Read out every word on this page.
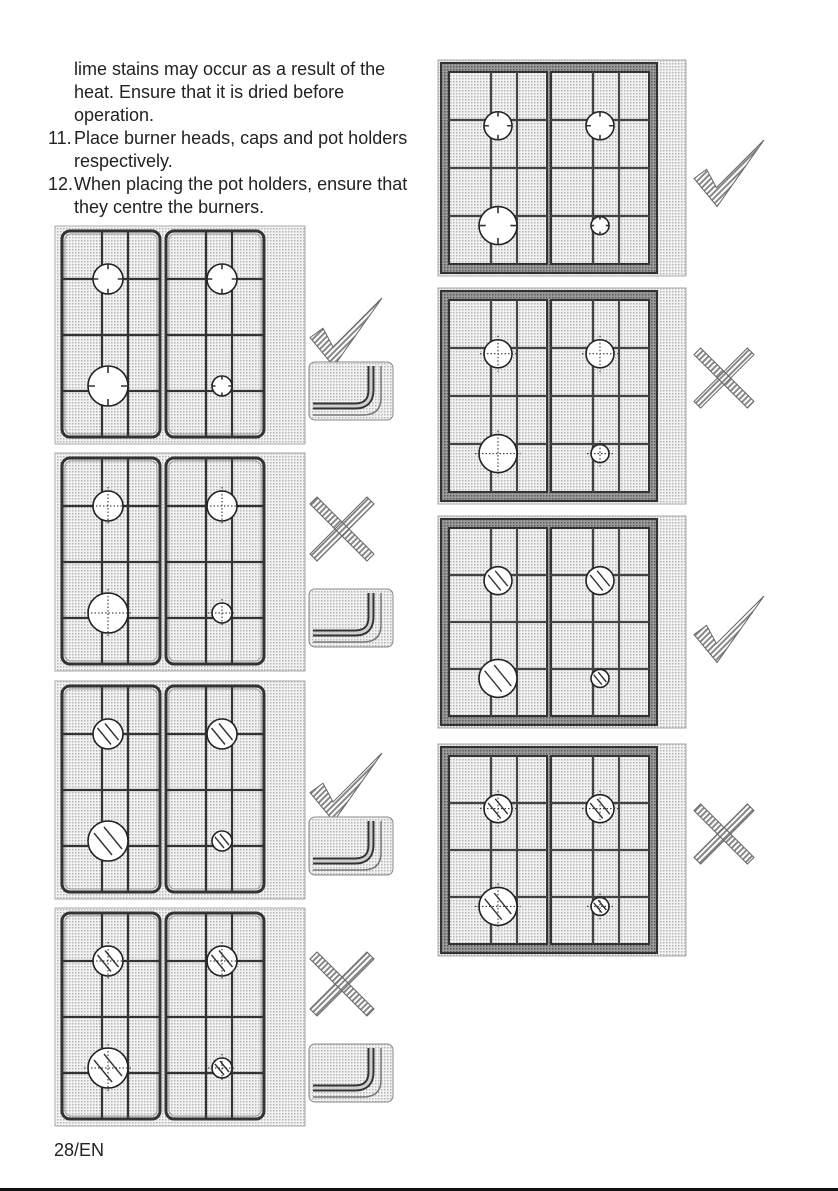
lime stains may occur as a result of the heat. Ensure that it is dried before operation.

11. Place burner heads, caps and pot holders respectively.
12. When placing the pot holders, ensure that they centre the burners.
28/EN
